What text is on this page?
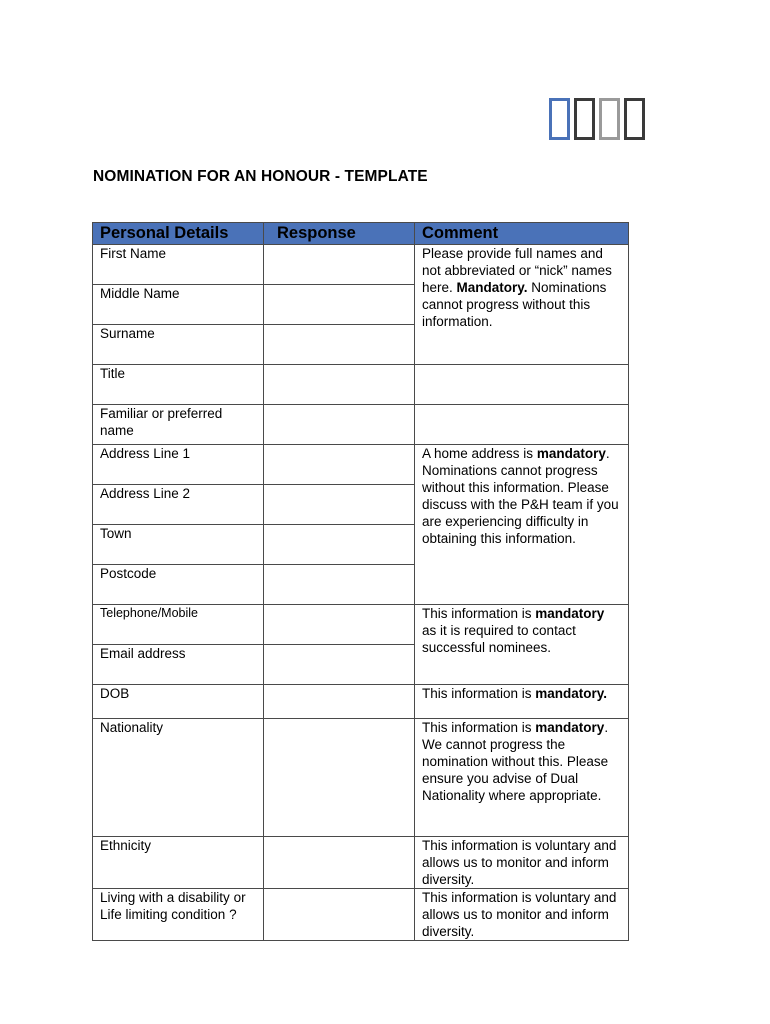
NOMINATION FOR AN HONOUR - TEMPLATE
Personal Details	Response	Comment
First Name		Please provide full names and not abbreviated or “nick” names here. Mandatory. Nominations cannot progress without this information.
Middle Name		
Surname		
Title		
Familiar or preferred name		
Address Line 1		A home address is mandatory. Nominations cannot progress without this information. Please discuss with the P&H team if you are experiencing difficulty in obtaining this information.
Address Line 2		
Town		
Postcode		
Telephone/Mobile		This information is mandatory as it is required to contact successful nominees.
Email address		
DOB		This information is mandatory.
Nationality		This information is mandatory. We cannot progress the nomination without this. Please ensure you advise of Dual Nationality where appropriate.
Ethnicity		This information is voluntary and allows us to monitor and inform diversity.
Living with a disability or Life limiting condition ?		This information is voluntary and allows us to monitor and inform diversity.
